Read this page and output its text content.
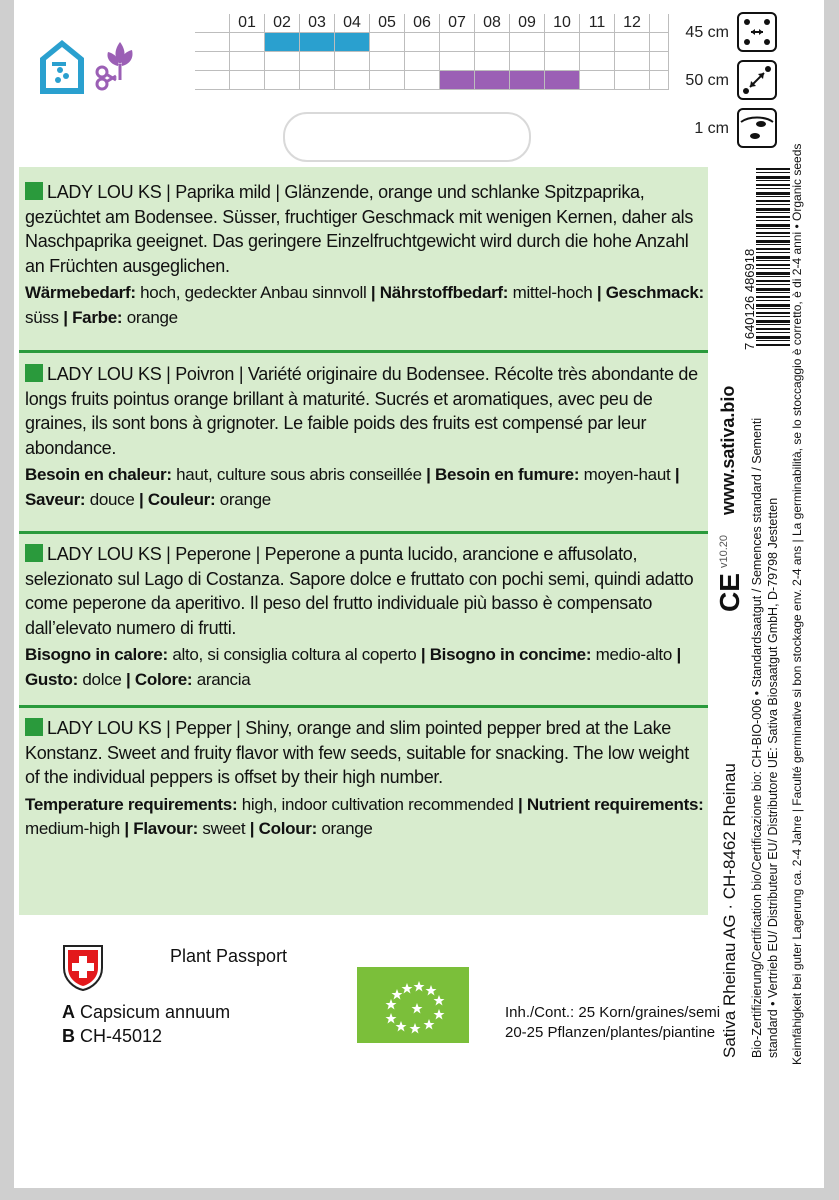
	01	02	03	04	05	06	07	08	09	10	11	12	

45 cm
50 cm
1 cm
LADY LOU KS | Paprika mild | Glänzende, orange und schlanke Spitzpaprika, gezüchtet am Bodensee. Süsser, fruchtiger Geschmack mit wenigen Kernen, daher als Naschpaprika geeignet. Das geringere Einzelfruchtgewicht wird durch die hohe Anzahl an Früchten ausgeglichen.
Wärmebedarf: hoch, gedeckter Anbau sinnvoll | Nährstoffbedarf: mittel-hoch | Geschmack: süss | Farbe: orange
LADY LOU KS | Poivron | Variété originaire du Bodensee. Récolte très abondante de longs fruits pointus orange brillant à maturité. Sucrés et aromatiques, avec peu de graines, ils sont bons à grignoter. Le faible poids des fruits est compensé par leur abondance.
Besoin en chaleur: haut, culture sous abris conseillée | Besoin en fumure: moyen-haut | Saveur: douce | Couleur: orange
LADY LOU KS | Peperone | Peperone a punta lucido, arancione e affusolato, selezionato sul Lago di Costanza. Sapore dolce e fruttato con pochi semi, quindi adatto come peperone da aperitivo. Il peso del frutto individuale più basso è compensato dall’elevato numero di frutti.
Bisogno in calore: alto, si consiglia coltura al coperto | Bisogno in concime: medio-alto | Gusto: dolce | Colore: arancia
LADY LOU KS | Pepper | Shiny, orange and slim pointed pepper bred at the Lake Konstanz. Sweet and fruity flavor with few seeds, suitable for snacking. The low weight of the individual peppers is offset by their high number.
Temperature requirements: high, indoor cultivation recommended | Nutrient requirements: medium-high | Flavour: sweet | Colour: orange
Plant Passport
A Capsicum annuum
B CH-45012
Inh./Cont.: 25 Korn/graines/semi
20-25 Pflanzen/plantes/piantine Sativa Rheinau AG · CH-8462 Rheinau Bio-Zertifizierung/Certification bio/Certificazione bio: CH-BIO-006 • Standardsaatgut / Semences standard / Sementi standard • Vertrieb EU/ Distributeur EU/ Distributore UE: Sativa Biosaatgut GmbH, D-79798 Jestetten Keimfähigkeit bei guter Lagerung ca. 2-4 Jahre | Faculté germinative si bon stockage env. 2-4 ans | La germinabilità, se lo stoccaggio è corretto, è di 2-4 anni • Organic seeds
www.sativa.bio
v10.20
CE
7 640126 486918
